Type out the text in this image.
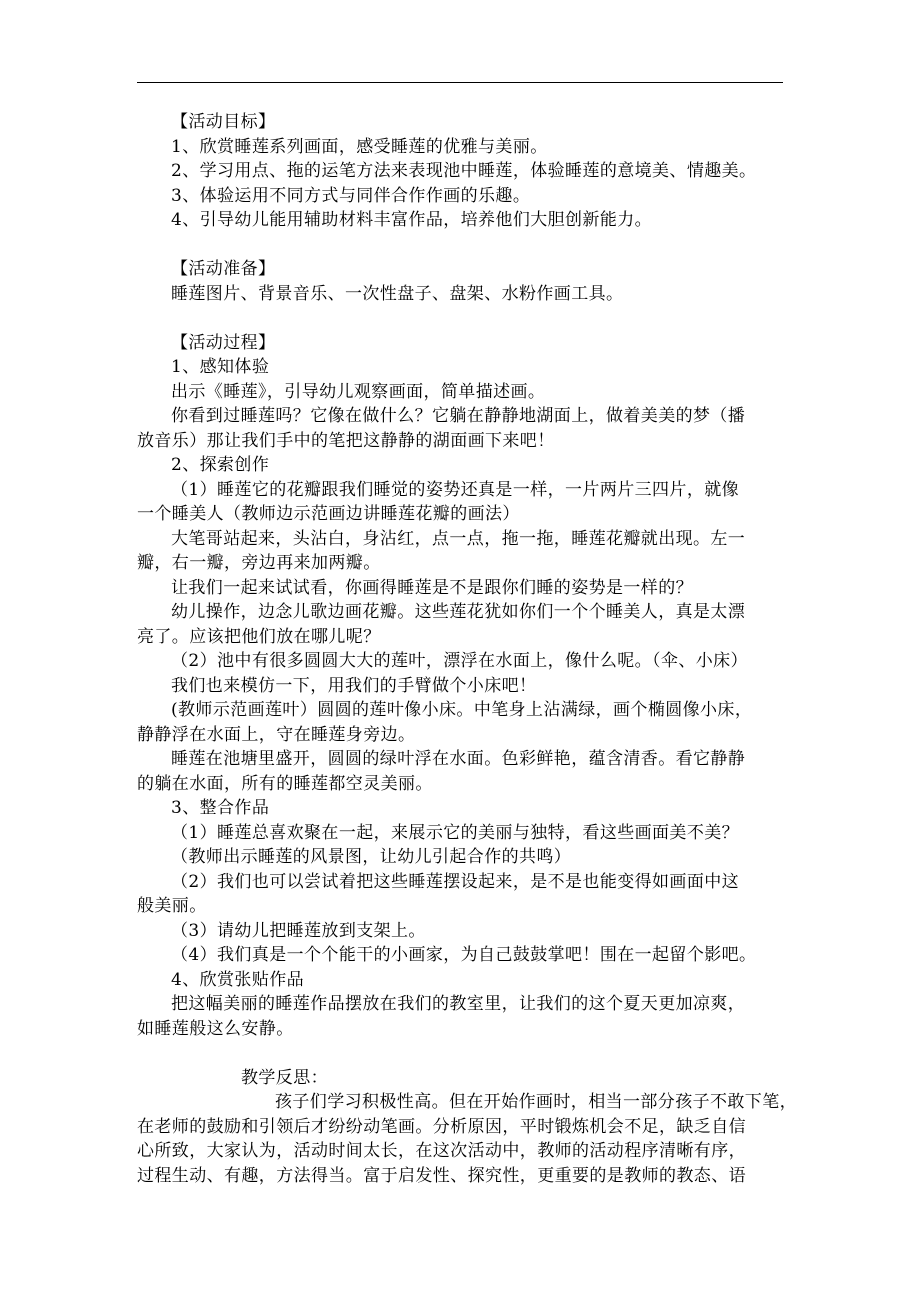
【活动目标】

1、欣赏睡莲系列画面，感受睡莲的优雅与美丽。

2、学习用点、拖的运笔方法来表现池中睡莲，体验睡莲的意境美、情趣美。

3、体验运用不同方式与同伴合作作画的乐趣。

4、引导幼儿能用辅助材料丰富作品，培养他们大胆创新能力。

【活动准备】

睡莲图片、背景音乐、一次性盘子、盘架、水粉作画工具。

【活动过程】

1、感知体验

出示《睡莲》，引导幼儿观察画面，简单描述画。

你看到过睡莲吗？它像在做什么？它躺在静静地湖面上，做着美美的梦（播

放音乐）那让我们手中的笔把这静静的湖面画下来吧！

2、探索创作

（1）睡莲它的花瓣跟我们睡觉的姿势还真是一样，一片两片三四片，就像

一个睡美人（教师边示范画边讲睡莲花瓣的画法）

大笔哥站起来，头沾白，身沾红，点一点，拖一拖，睡莲花瓣就出现。左一

瓣，右一瓣，旁边再来加两瓣。

让我们一起来试试看，你画得睡莲是不是跟你们睡的姿势是一样的？

幼儿操作，边念儿歌边画花瓣。这些莲花犹如你们一个个睡美人，真是太漂

亮了。应该把他们放在哪儿呢？

（2）池中有很多圆圆大大的莲叶，漂浮在水面上，像什么呢。（伞、小床）

我们也来模仿一下，用我们的手臂做个小床吧！

(教师示范画莲叶）圆圆的莲叶像小床。中笔身上沾满绿，画个椭圆像小床，

静静浮在水面上，守在睡莲身旁边。

睡莲在池塘里盛开，圆圆的绿叶浮在水面。色彩鲜艳，蕴含清香。看它静静

的躺在水面，所有的睡莲都空灵美丽。

3、整合作品

（1）睡莲总喜欢聚在一起，来展示它的美丽与独特，看这些画面美不美？

（教师出示睡莲的风景图，让幼儿引起合作的共鸣）

（2）我们也可以尝试着把这些睡莲摆设起来，是不是也能变得如画面中这

般美丽。

（3）请幼儿把睡莲放到支架上。

（4）我们真是一个个能干的小画家，为自己鼓鼓掌吧！围在一起留个影吧。

4、欣赏张贴作品

把这幅美丽的睡莲作品摆放在我们的教室里，让我们的这个夏天更加凉爽，

如睡莲般这么安静。

教学反思：

孩子们学习积极性高。但在开始作画时，相当一部分孩子不敢下笔，

在老师的鼓励和引领后才纷纷动笔画。分析原因，平时锻炼机会不足，缺乏自信

心所致，大家认为，活动时间太长，在这次活动中，教师的活动程序清晰有序，

过程生动、有趣，方法得当。富于启发性、探究性，更重要的是教师的教态、语
